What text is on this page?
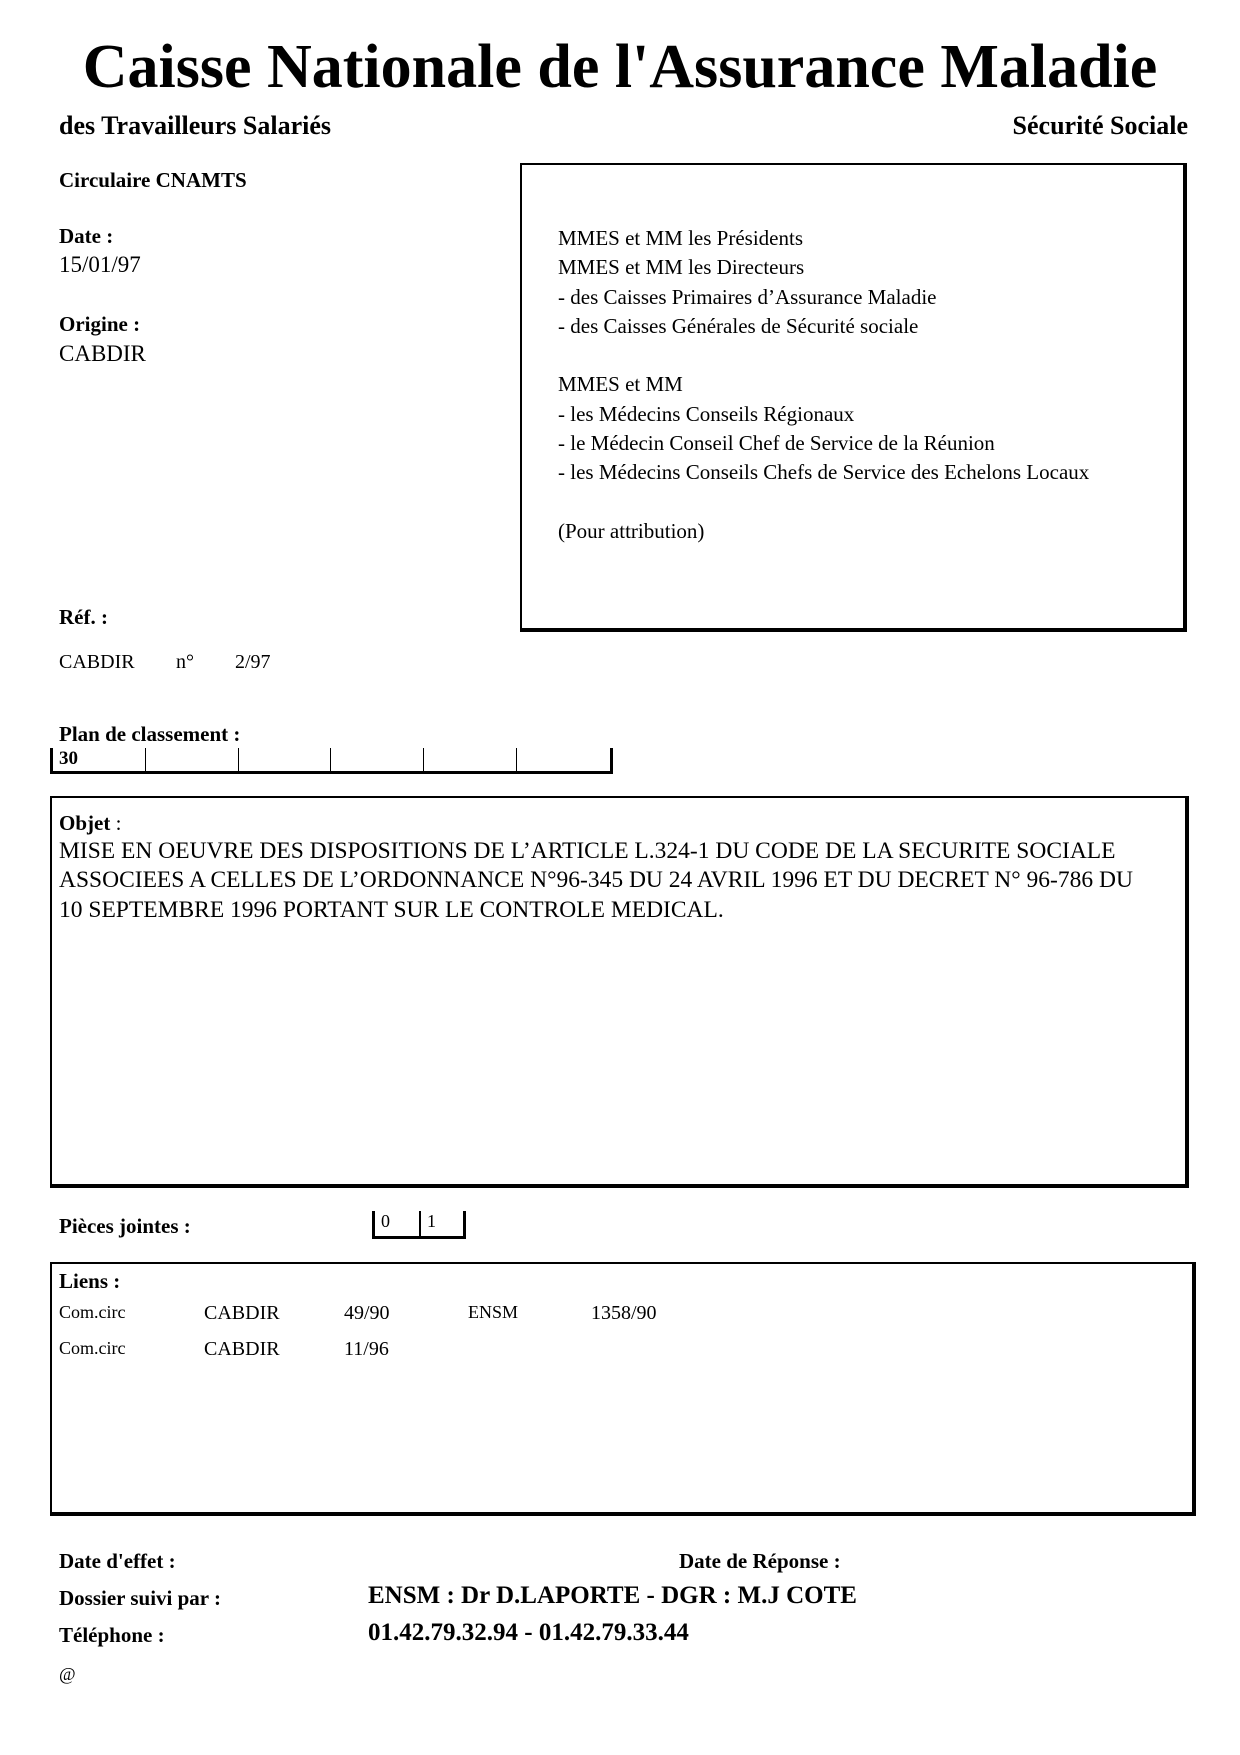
Caisse Nationale de l'Assurance Maladie
des Travailleurs Salariés	Sécurité Sociale
Circulaire CNAMTS
Date :
15/01/97
Origine :
CABDIR
Réf. :
CABDIR n° 2/97
MMES et MM les Présidents
MMES et MM les Directeurs
- des Caisses Primaires d’Assurance Maladie
- des Caisses Générales de Sécurité sociale
MMES et MM
- les Médecins Conseils Régionaux
- le Médecin Conseil Chef de Service de la Réunion
- les Médecins Conseils Chefs de Service des Echelons Locaux
(Pour attribution)
Plan de classement :
30
Objet :
MISE EN OEUVRE DES DISPOSITIONS DE L’ARTICLE L.324-1 DU CODE DE LA SECURITE SOCIALE ASSOCIEES A CELLES DE L’ORDONNANCE N°96-345 DU 24 AVRIL 1996 ET DU DECRET N° 96-786 DU 10 SEPTEMBRE 1996 PORTANT SUR LE CONTROLE MEDICAL.
Pièces jointes :	0	1
Liens :
Com.circ	CABDIR	49/90	ENSM	1358/90
Com.circ	CABDIR	11/96
Date d'effet :	Date de Réponse :
Dossier suivi par :	ENSM : Dr D.LAPORTE - DGR : M.J COTE
Téléphone :	01.42.79.32.94 - 01.42.79.33.44
@
